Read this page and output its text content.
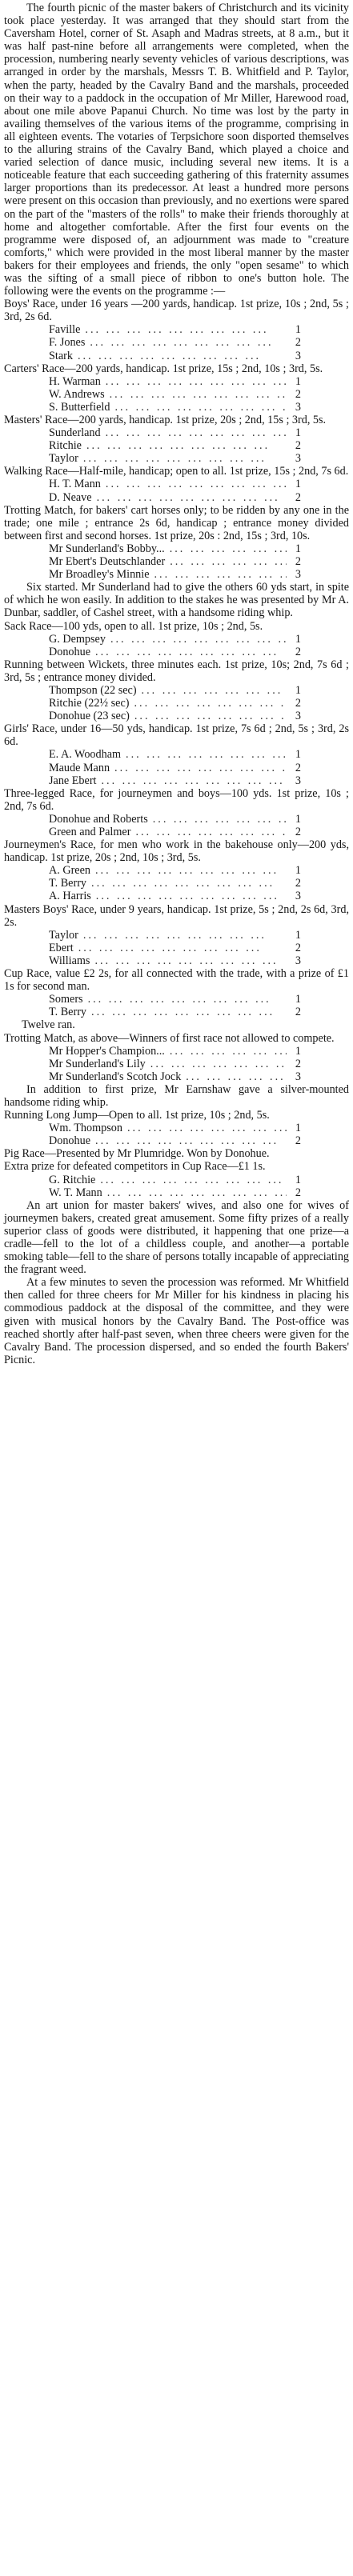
The fourth picnic of the master bakers of Christchurch and its vicinity took place yesterday. It was arranged that they should start from the Caversham Hotel, corner of St. Asaph and Madras streets, at 8 a.m., but it was half past-nine before all arrangements were completed, when the procession, numbering nearly seventy vehicles of various descriptions, was arranged in order by the marshals, Messrs T. B. Whitfield and P. Taylor, when the party, headed by the Cavalry Band and the marshals, proceeded on their way to a paddock in the occupation of Mr Miller, Harewood road, about one mile above Papanui Church. No time was lost by the party in availing themselves of the various items of the programme, comprising in all eighteen events. The votaries of Terpsichore soon disported themselves to the alluring strains of the Cavalry Band, which played a choice and varied selection of dance music, including several new items. It is a noticeable feature that each succeeding gathering of this fraternity assumes larger proportions than its predecessor. At least a hundred more persons were present on this occasion than previously, and no exertions were spared on the part of the "masters of the rolls" to make their friends thoroughly at home and altogether comfortable. After the first four events on the programme were disposed of, an adjournment was made to "creature comforts," which were provided in the most liberal manner by the master bakers for their employees and friends, the only "open sesame" to which was the sifting of a small piece of ribbon to one's button hole. The following were the events on the programme :—

Boys' Race, under 16 years —200 yards, handicap. 1st prize, 10s ; 2nd, 5s ; 3rd, 2s 6d.

Faville ...	1
F. Jones ...	2
Stark ...	3

Carters' Race—200 yards, handicap. 1st prize, 15s ; 2nd, 10s ; 3rd, 5s.

H. Warman ...	1
W. Andrews ...	2
S. Butterfield ...	3

Masters' Race—200 yards, handicap. 1st prize, 20s ; 2nd, 15s ; 3rd, 5s.

Sunderland ...	1
Ritchie ...	2
Taylor ...	3

Walking Race—Half-mile, handicap; open to all. 1st prize, 15s ; 2nd, 7s 6d.

H. T. Mann ...	1
D. Neave ...	2

Trotting Match, for bakers' cart horses only; to be ridden by any one in the trade; one mile ; entrance 2s 6d, handicap ; entrance money divided between first and second horses. 1st prize, 20s : 2nd, 15s ; 3rd, 10s.

Mr Sunderland's Bobby... ...	1
Mr Ebert's Deutschlander ...	2
Mr Broadley's Minnie ...	3

Six started. Mr Sunderland had to give the others 60 yds start, in spite of which he won easily. In addition to the stakes he was presented by Mr A. Dunbar, saddler, of Cashel street, with a handsome riding whip.

Sack Race—100 yds, open to all. 1st prize, 10s ; 2nd, 5s.

G. Dempsey ...	1
Donohue ...	2

Running between Wickets, three minutes each. 1st prize, 10s; 2nd, 7s 6d ; 3rd, 5s ; entrance money divided.

Thompson (22 sec) ...	1
Ritchie (22½ sec) ...	2
Donohue (23 sec) ...	3

Girls' Race, under 16—50 yds, handicap. 1st prize, 7s 6d ; 2nd, 5s ; 3rd, 2s 6d.

E. A. Woodham ...	1
Maude Mann ...	2
Jane Ebert ...	3

Three-legged Race, for journeymen and boys—100 yds. 1st prize, 10s ; 2nd, 7s 6d.

Donohue and Roberts ...	1
Green and Palmer ...	2

Journeymen's Race, for men who work in the bakehouse only—200 yds, handicap. 1st prize, 20s ; 2nd, 10s ; 3rd, 5s.

A. Green ...	1
T. Berry ...	2
A. Harris ...	3

Masters Boys' Race, under 9 years, handicap. 1st prize, 5s ; 2nd, 2s 6d, 3rd, 2s.

Taylor ...	1
Ebert ...	2
Williams ...	3

Cup Race, value £2 2s, for all connected with the trade, with a prize of £1 1s for second man.

Somers ...	1
T. Berry ...	2

Twelve ran.

Trotting Match, as above—Winners of first race not allowed to compete.

Mr Hopper's Champion... ...	1
Mr Sunderland's Lily ...	2
Mr Sunderland's Scotch Jock ...	3

In addition to first prize, Mr Earnshaw gave a silver-mounted handsome riding whip.

Running Long Jump—Open to all. 1st prize, 10s ; 2nd, 5s.

Wm. Thompson ...	1
Donohue ...	2

Pig Race—Presented by Mr Plumridge. Won by Donohue.

Extra prize for defeated competitors in Cup Race—£1 1s.

G. Ritchie ...	1
W. T. Mann ...	2

An art union for master bakers' wives, and also one for wives of journeymen bakers, created great amusement. Some fifty prizes of a really superior class of goods were distributed, it happening that one prize—a cradle—fell to the lot of a childless couple, and another—a portable smoking table—fell to the share of persons totally incapable of appreciating the fragrant weed.

At a few minutes to seven the procession was reformed. Mr Whitfield then called for three cheers for Mr Miller for his kindness in placing his commodious paddock at the disposal of the committee, and they were given with musical honors by the Cavalry Band. The Post-office was reached shortly after half-past seven, when three cheers were given for the Cavalry Band. The procession dispersed, and so ended the fourth Bakers' Picnic.
